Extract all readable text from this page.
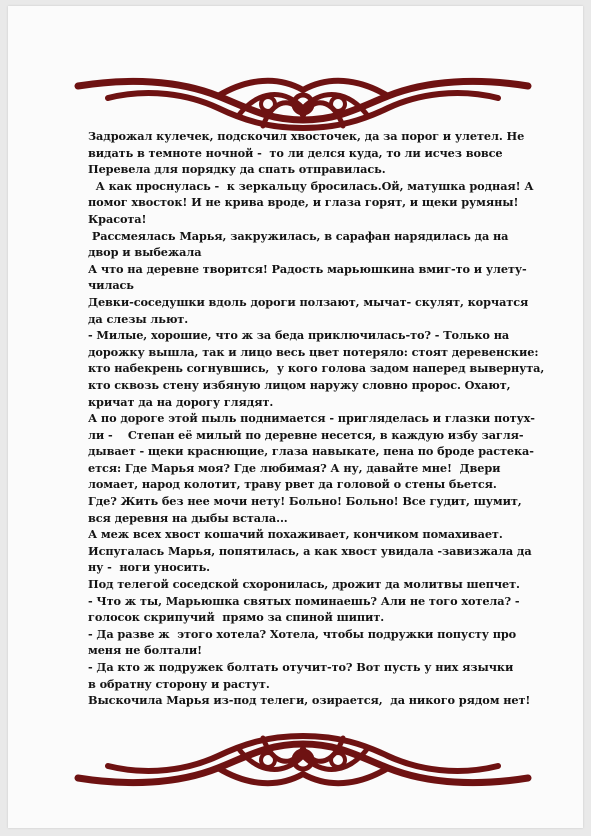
Задрожал кулечек, подскочил хвосточек, да за порог и улетел. Не
видать в темноте ночной -  то ли делся куда, то ли исчез вовсе
Перевела для порядку да спать отправилась.
А как проснулась -  к зеркальцу бросилась.Ой, матушка родная! А
помог хвосток! И не крива вроде, и глаза горят, и щеки румяны!
Красота!
Рассмеялась Марья, закружилась, в сарафан нарядилась да на
двор и выбежала
А что на деревне творится! Радость марьюшкина вмиг-то и улету-
чилась
Девки-соседушки вдоль дороги ползают, мычат- скулят, корчатся
да слезы льют.
- Милые, хорошие, что ж за беда приключилась-то? - Только на
дорожку вышла, так и лицо весь цвет потеряло: стоят деревенские:
кто набекрень согнувшись,  у кого голова задом наперед вывернута,
кто сквозь стену избяную лицом наружу словно пророс. Охают,
кричат да на дорогу глядят.
А по дороге этой пыль поднимается - пригляделась и глазки потух-
ли -    Степан её милый по деревне несется, в каждую избу загля-
дывает - щеки краснющие, глаза навыкате, пена по броде растека-
ется: Где Марья моя? Где любимая? А ну, давайте мне!  Двери
ломает, народ колотит, траву рвет да головой о стены бьется.
Где? Жить без нее мочи нету! Больно! Больно! Все гудит, шумит,
вся деревня на дыбы встала...
А меж всех хвост кошачий похаживает, кончиком помахивает.
Испугалась Марья, попятилась, а как хвост увидала -завизжала да
ну -  ноги уносить.
Под телегой соседской схоронилась, дрожит да молитвы шепчет.
- Что ж ты, Марьюшка святых поминаешь? Али не того хотела? -
голосок скрипучий  прямо за спиной шипит.
- Да разве ж  этого хотела? Хотела, чтобы подружки попусту про
меня не болтали!
- Да кто ж подружек болтать отучит-то? Вот пусть у них язычки
в обратну сторону и растут.
Выскочила Марья из-под телеги, озирается,  да никого рядом нет!
